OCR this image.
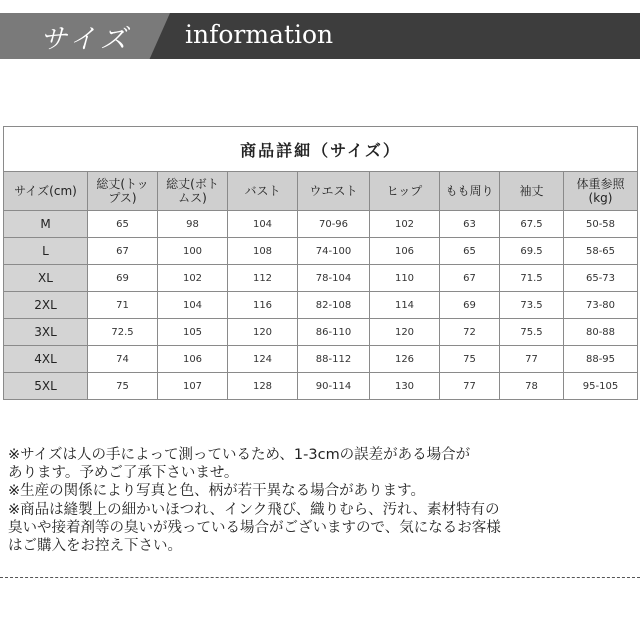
サイズ information
商品詳細（サイズ）								
サイズ(cm)	総丈(トッ
プス)	総丈(ボト
ムス)	バスト	ウエスト	ヒップ	もも周り	袖丈	体重参照
(kg)
M	65	98	104	70-96	102	63	67.5	50-58
L	67	100	108	74-100	106	65	69.5	58-65
XL	69	102	112	78-104	110	67	71.5	65-73
2XL	71	104	116	82-108	114	69	73.5	73-80
3XL	72.5	105	120	86-110	120	72	75.5	80-88
4XL	74	106	124	88-112	126	75	77	88-95
5XL	75	107	128	90-114	130	77	78	95-105
※サイズは人の手によって測っているため、1-3cmの誤差がある場合が
あります。予めご了承下さいませ。
※生産の関係により写真と色、柄が若干異なる場合があります。
※商品は縫製上の細かいほつれ、インク飛び、織りむら、汚れ、素材特有の
臭いや接着剤等の臭いが残っている場合がございますので、気になるお客様
はご購入をお控え下さい。
